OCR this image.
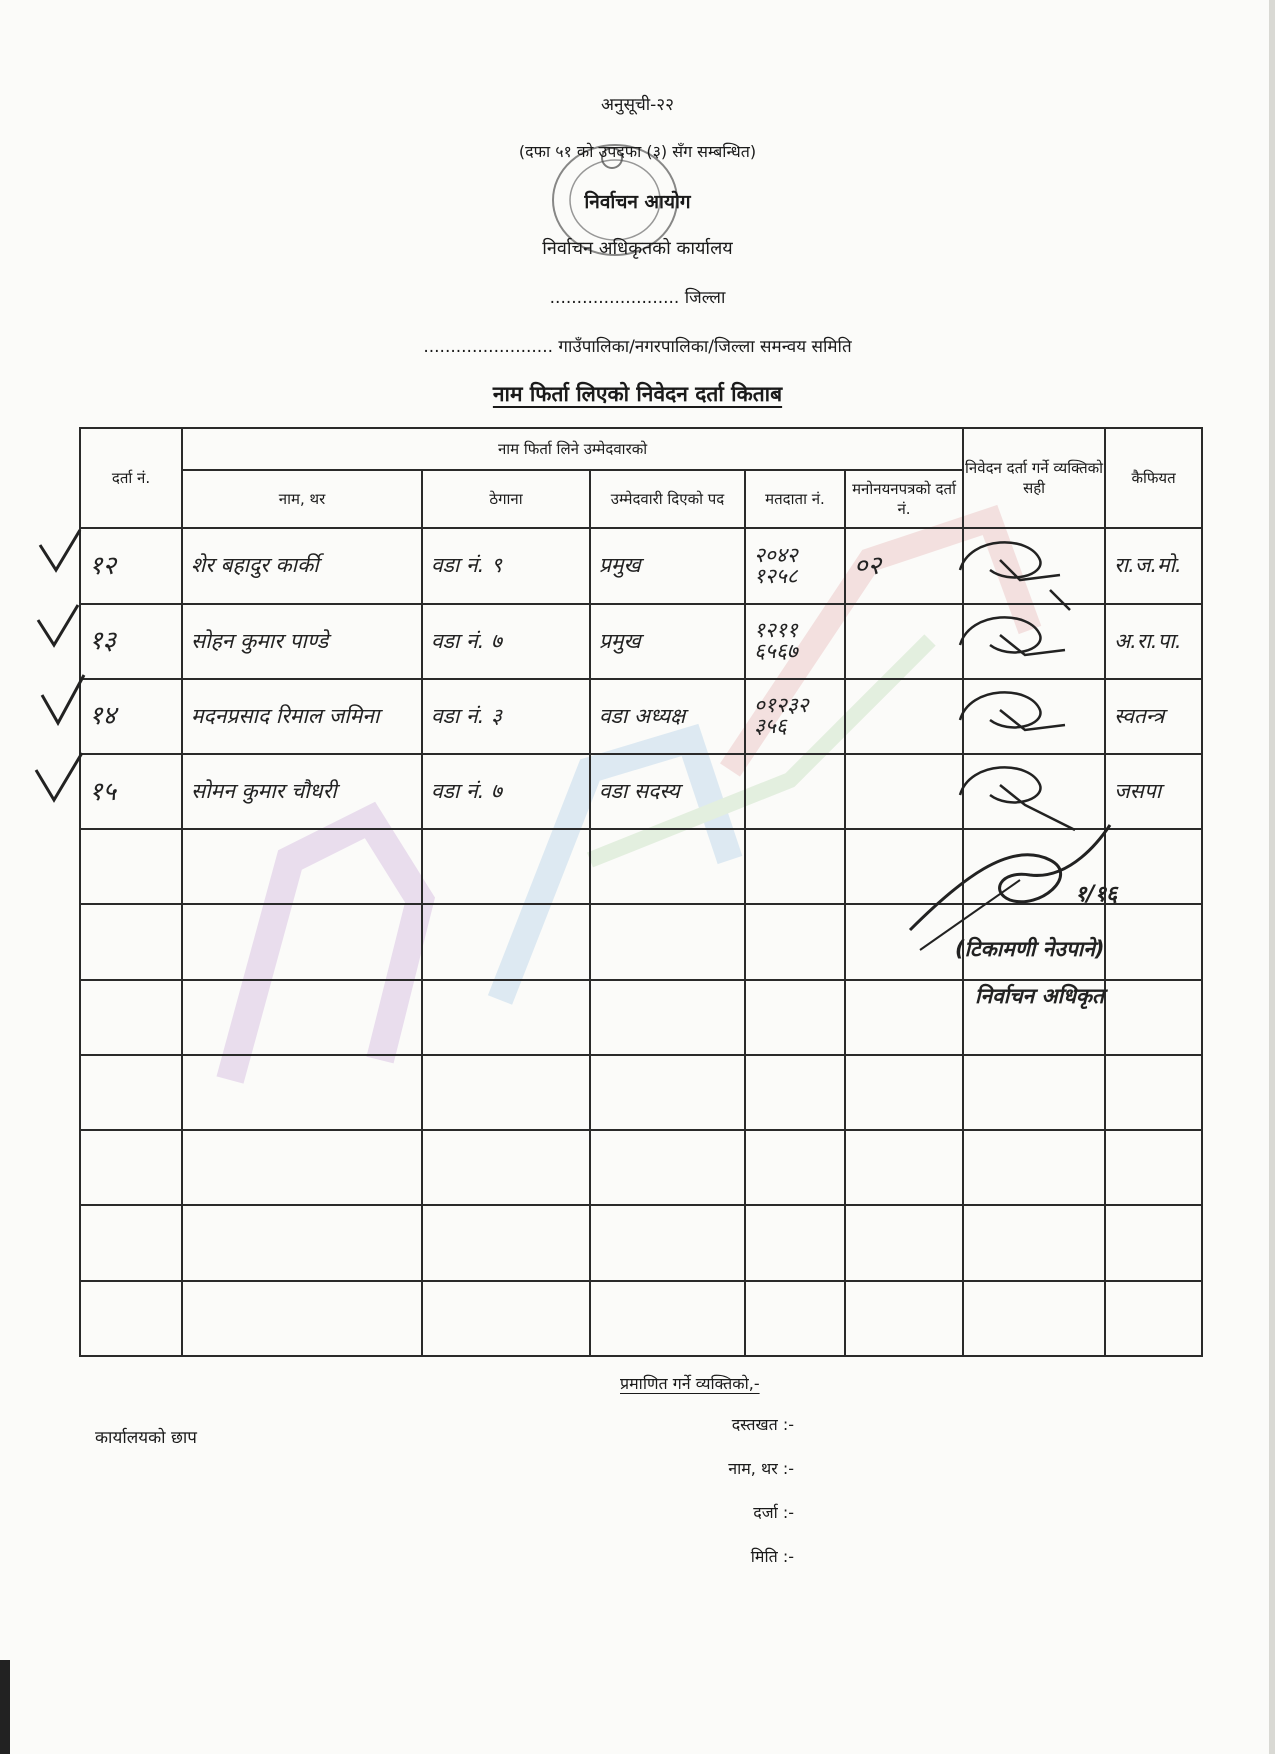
अनुसूची-२२
(दफा ५१ को उपदफा (३) सँग सम्बन्धित)
निर्वाचन आयोग
निर्वाचन अधिकृतको कार्यालय
........................ जिल्ला
........................ गाउँपालिका/नगरपालिका/जिल्ला समन्वय समिति
नाम फिर्ता लिएको निवेदन दर्ता किताब
दर्ता नं.	नाम फिर्ता लिने उम्मेदवारको					निवेदन दर्ता गर्ने व्यक्तिको सही	कैफियत
	नाम, थर	ठेगाना	उम्मेदवारी दिएको पद	मतदाता नं.	मनोनयनपत्रको दर्ता नं.		
१२	शेर बहादुर कार्की	वडा नं. ९	प्रमुख	२०४२ १२५८	०२		रा.ज.मो.
१३	सोहन कुमार पाण्डे	वडा नं. ७	प्रमुख	१२११ ६५६७			अ.रा.पा.
१४	मदनप्रसाद रिमाल जमिना	वडा नं. ३	वडा अध्यक्ष	०१२३२ ३५६			स्वतन्त्र
१५	सोमन कुमार चौधरी	वडा नं. ७	वडा सदस्य				जसपा

१/१६
(टिकामणी नेउपाने)
निर्वाचन अधिकृत
प्रमाणित गर्ने व्यक्तिको,-
कार्यालयको छाप
दस्तखत :-
नाम, थर :-
दर्जा :-
मिति :-
